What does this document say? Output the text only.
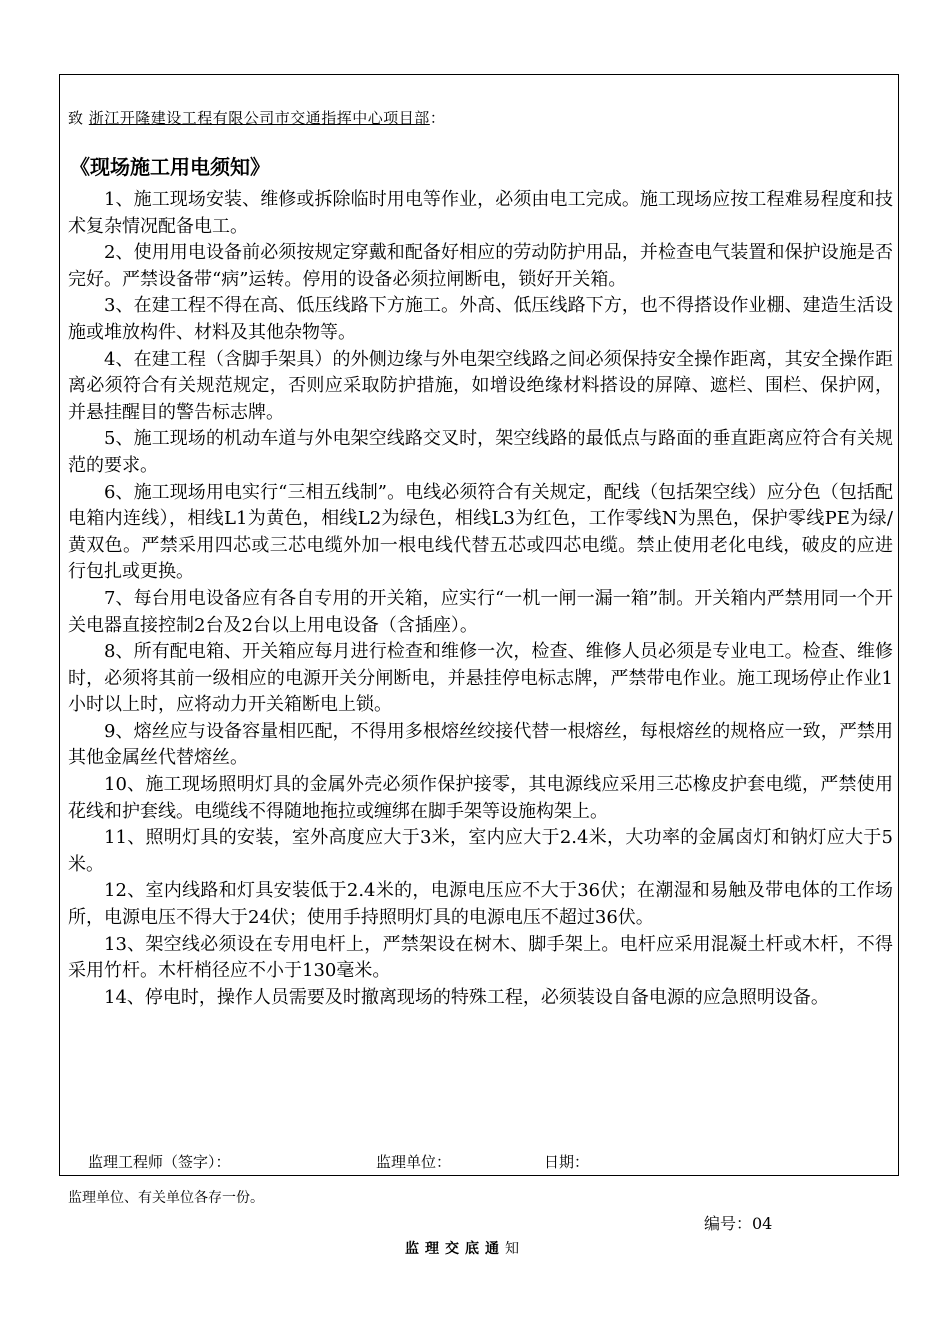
致 浙江开隆建设工程有限公司市交通指挥中心项目部：
《现场施工用电须知》

1、施工现场安装、维修或拆除临时用电等作业，必须由电工完成。施工现场应按工程难易程度和技术复杂情况配备电工。

2、使用用电设备前必须按规定穿戴和配备好相应的劳动防护用品，并检查电气装置和保护设施是否完好。严禁设备带“病”运转。停用的设备必须拉闸断电，锁好开关箱。

3、在建工程不得在高、低压线路下方施工。外高、低压线路下方，也不得搭设作业棚、建造生活设施或堆放构件、材料及其他杂物等。

4、在建工程（含脚手架具）的外侧边缘与外电架空线路之间必须保持安全操作距离，其安全操作距离必须符合有关规范规定，否则应采取防护措施，如增设绝缘材料搭设的屏障、遮栏、围栏、保护网，并悬挂醒目的警告标志牌。

5、施工现场的机动车道与外电架空线路交叉时，架空线路的最低点与路面的垂直距离应符合有关规范的要求。

6、施工现场用电实行“三相五线制”。电线必须符合有关规定，配线（包括架空线）应分色（包括配电箱内连线），相线L1为黄色，相线L2为绿色，相线L3为红色，工作零线N为黑色，保护零线PE为绿/黄双色。严禁采用四芯或三芯电缆外加一根电线代替五芯或四芯电缆。禁止使用老化电线，破皮的应进行包扎或更换。

7、每台用电设备应有各自专用的开关箱，应实行“一机一闸一漏一箱”制。开关箱内严禁用同一个开关电器直接控制2台及2台以上用电设备（含插座）。

8、所有配电箱、开关箱应每月进行检查和维修一次，检查、维修人员必须是专业电工。检查、维修时，必须将其前一级相应的电源开关分闸断电，并悬挂停电标志牌，严禁带电作业。施工现场停止作业1小时以上时，应将动力开关箱断电上锁。

9、熔丝应与设备容量相匹配，不得用多根熔丝绞接代替一根熔丝，每根熔丝的规格应一致，严禁用其他金属丝代替熔丝。

10、施工现场照明灯具的金属外壳必须作保护接零，其电源线应采用三芯橡皮护套电缆，严禁使用花线和护套线。电缆线不得随地拖拉或缠绑在脚手架等设施构架上。

11、照明灯具的安装，室外高度应大于3米，室内应大于2.4米，大功率的金属卤灯和钠灯应大于5米。

12、室内线路和灯具安装低于2.4米的，电源电压应不大于36伏；在潮湿和易触及带电体的工作场所，电源电压不得大于24伏；使用手持照明灯具的电源电压不超过36伏。

13、架空线必须设在专用电杆上，严禁架设在树木、脚手架上。电杆应采用混凝土杆或木杆，不得采用竹杆。木杆梢径应不小于130毫米。

14、停电时，操作人员需要及时撤离现场的特殊工程，必须装设自备电源的应急照明设备。

监理工程师（签字）：	监理单位：	日期：
监理单位、有关单位各存一份。
编号：04
监理交底通知
